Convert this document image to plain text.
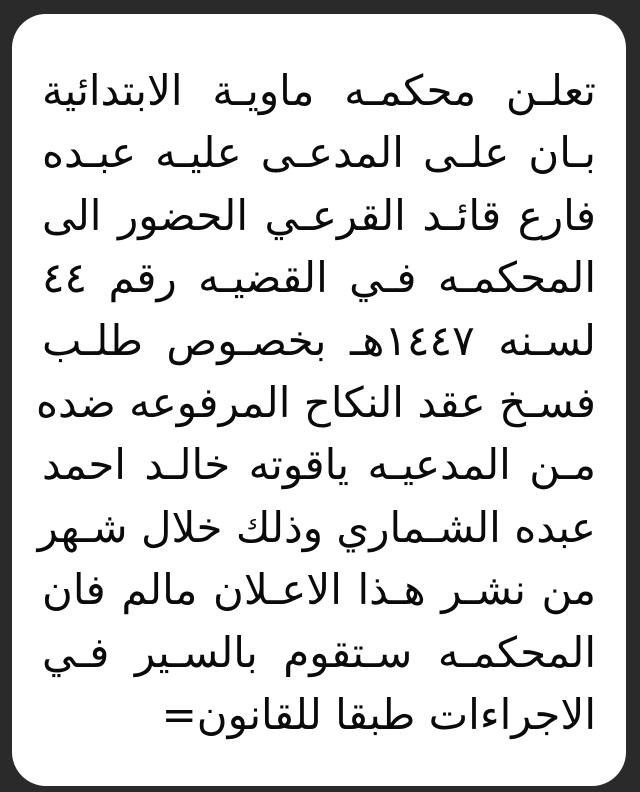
تعلـن محكمـه ماويـة الابتدائية
بـان علـى المدعـى عليـه عبـده
فارع قائـد القرعـي الحضور الى
المحكمـه فـي القضيـه رقم ٤٤
لسـنه ١٤٤٧هـ بخصـوص طلـب
فسـخ عقد النكاح المرفوعه ضده
مـن المدعيـه ياقوته خالـد احمد
عبده الشـماري وذلك خلال شـهر
من نشـر هـذا الاعـلان مالم فان
المحكمـه سـتقوم بالسـير فـي
الاجراءات طبقا للقانون=
